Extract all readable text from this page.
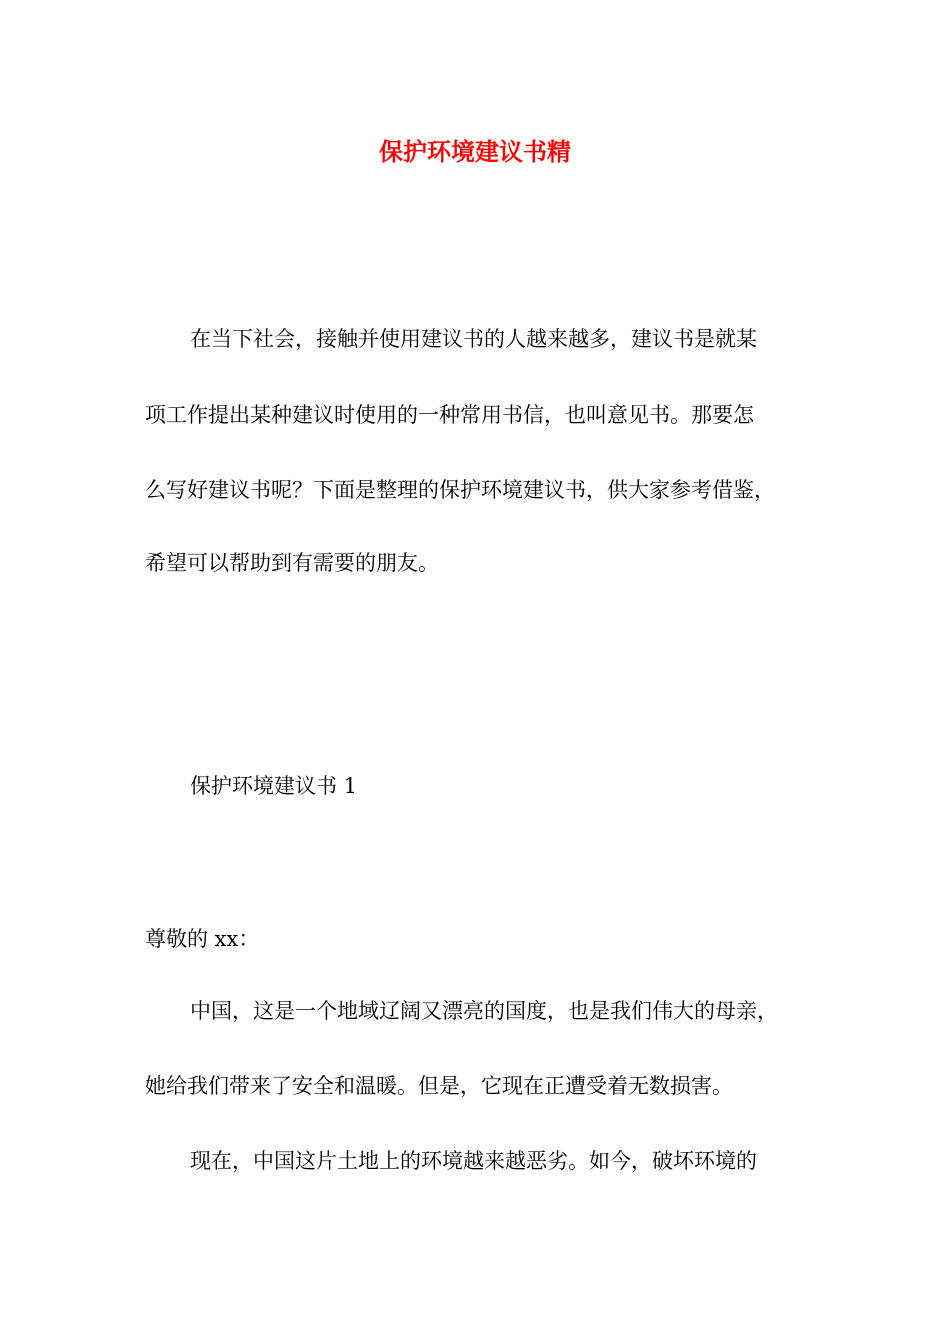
保护环境建议书精

在当下社会，接触并使用建议书的人越来越多，建议书是就某

项工作提出某种建议时使用的一种常用书信，也叫意见书。那要怎

么写好建议书呢？下面是整理的保护环境建议书，供大家参考借鉴，

希望可以帮助到有需要的朋友。

保护环境建议书 1

尊敬的 xx：

中国，这是一个地域辽阔又漂亮的国度，也是我们伟大的母亲，

她给我们带来了安全和温暖。但是，它现在正遭受着无数损害。

现在，中国这片土地上的环境越来越恶劣。如今，破坏环境的
